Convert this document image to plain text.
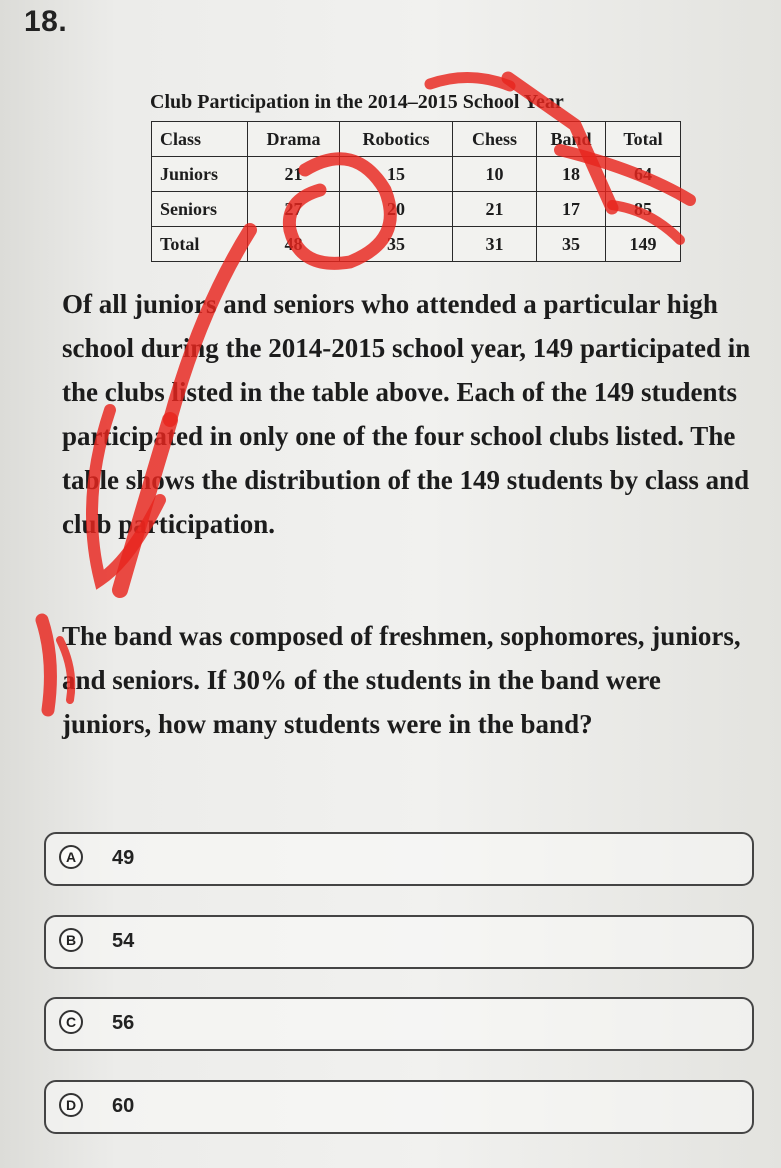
18.
Club Participation in the 2014–2015 School Year
Class	Drama	Robotics	Chess	Band	Total
Juniors	21	15	10	18	64
Seniors	27	20	21	17	85
Total	48	35	31	35	149
Of all juniors and seniors who attended a particular high school during the 2014-2015 school year, 149 participated in the clubs listed in the table above. Each of the 149 students participated in only one of the four school clubs listed. The table shows the distribution of the 149 students by class and club participation.
The band was composed of freshmen, sophomores, juniors, and seniors. If 30% of the students in the band were juniors, how many students were in the band?
A	49
B	54
C	56
D	60
